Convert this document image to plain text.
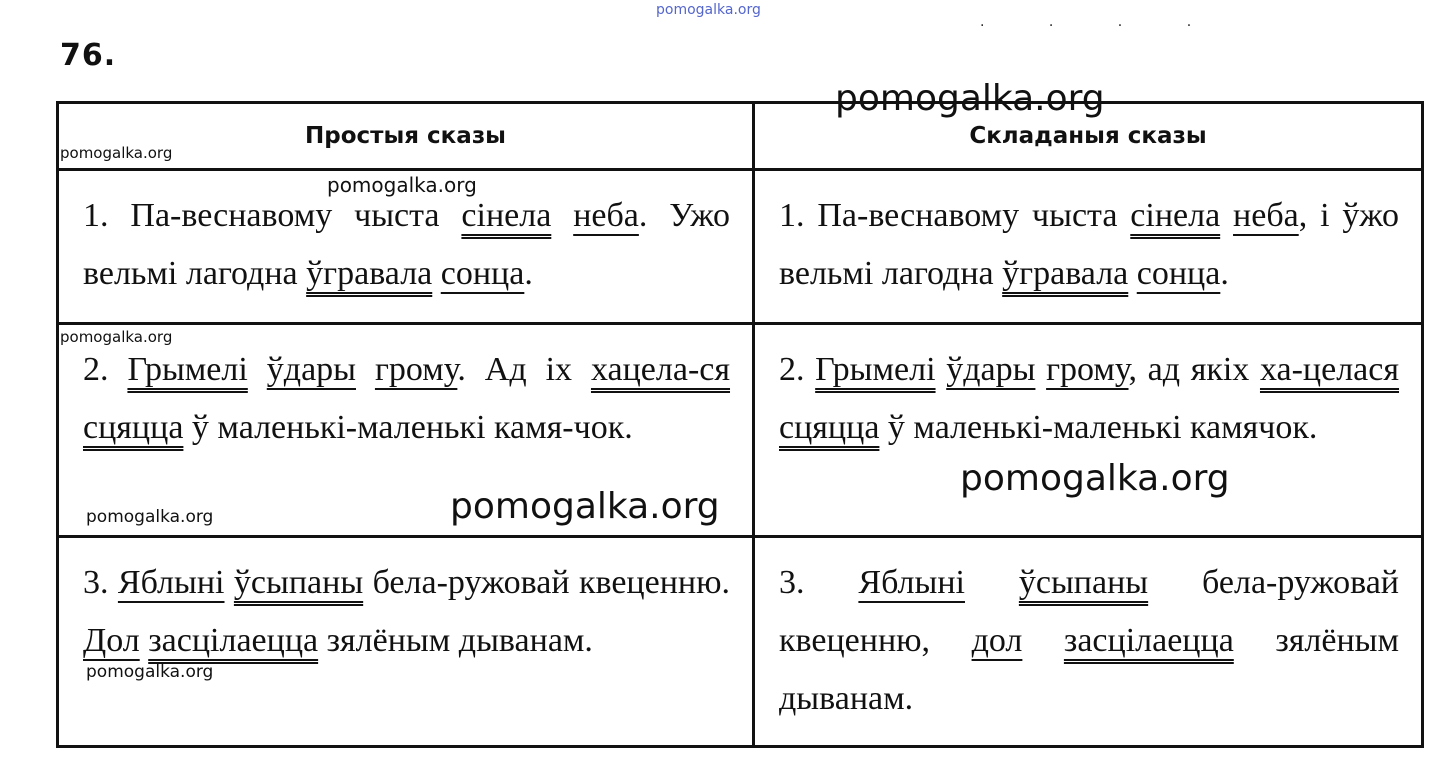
pomogalka.org
· · · ·
76.
Простыя сказы	Складаныя сказы

1. Па-веснавому чыста сінела неба. Ужо вельмі лагодна ўгравала сонца.	1. Па-веснавому чыста сінела неба, і ўжо вельмі лагодна ўгравала сонца.

2. Грымелі ўдары грому. Ад іх хацела-ся сцяцца ў маленькі-маленькі камя-чок.	2. Грымелі ўдары грому, ад якіх ха-целася сцяцца ў маленькі-маленькі камячок.

3. Яблыні ўсыпаны бела-ружовай квеценню. Дол засцілаецца зялёным дыванам.	3. Яблыні ўсыпаны бела-ружовай квеценню, дол засцілаецца зялёным дыванам.
pomogalka.org
pomogalka.org
pomogalka.org
pomogalka.org
pomogalka.org	pomogalka.org
pomogalka.org
pomogalka.org
